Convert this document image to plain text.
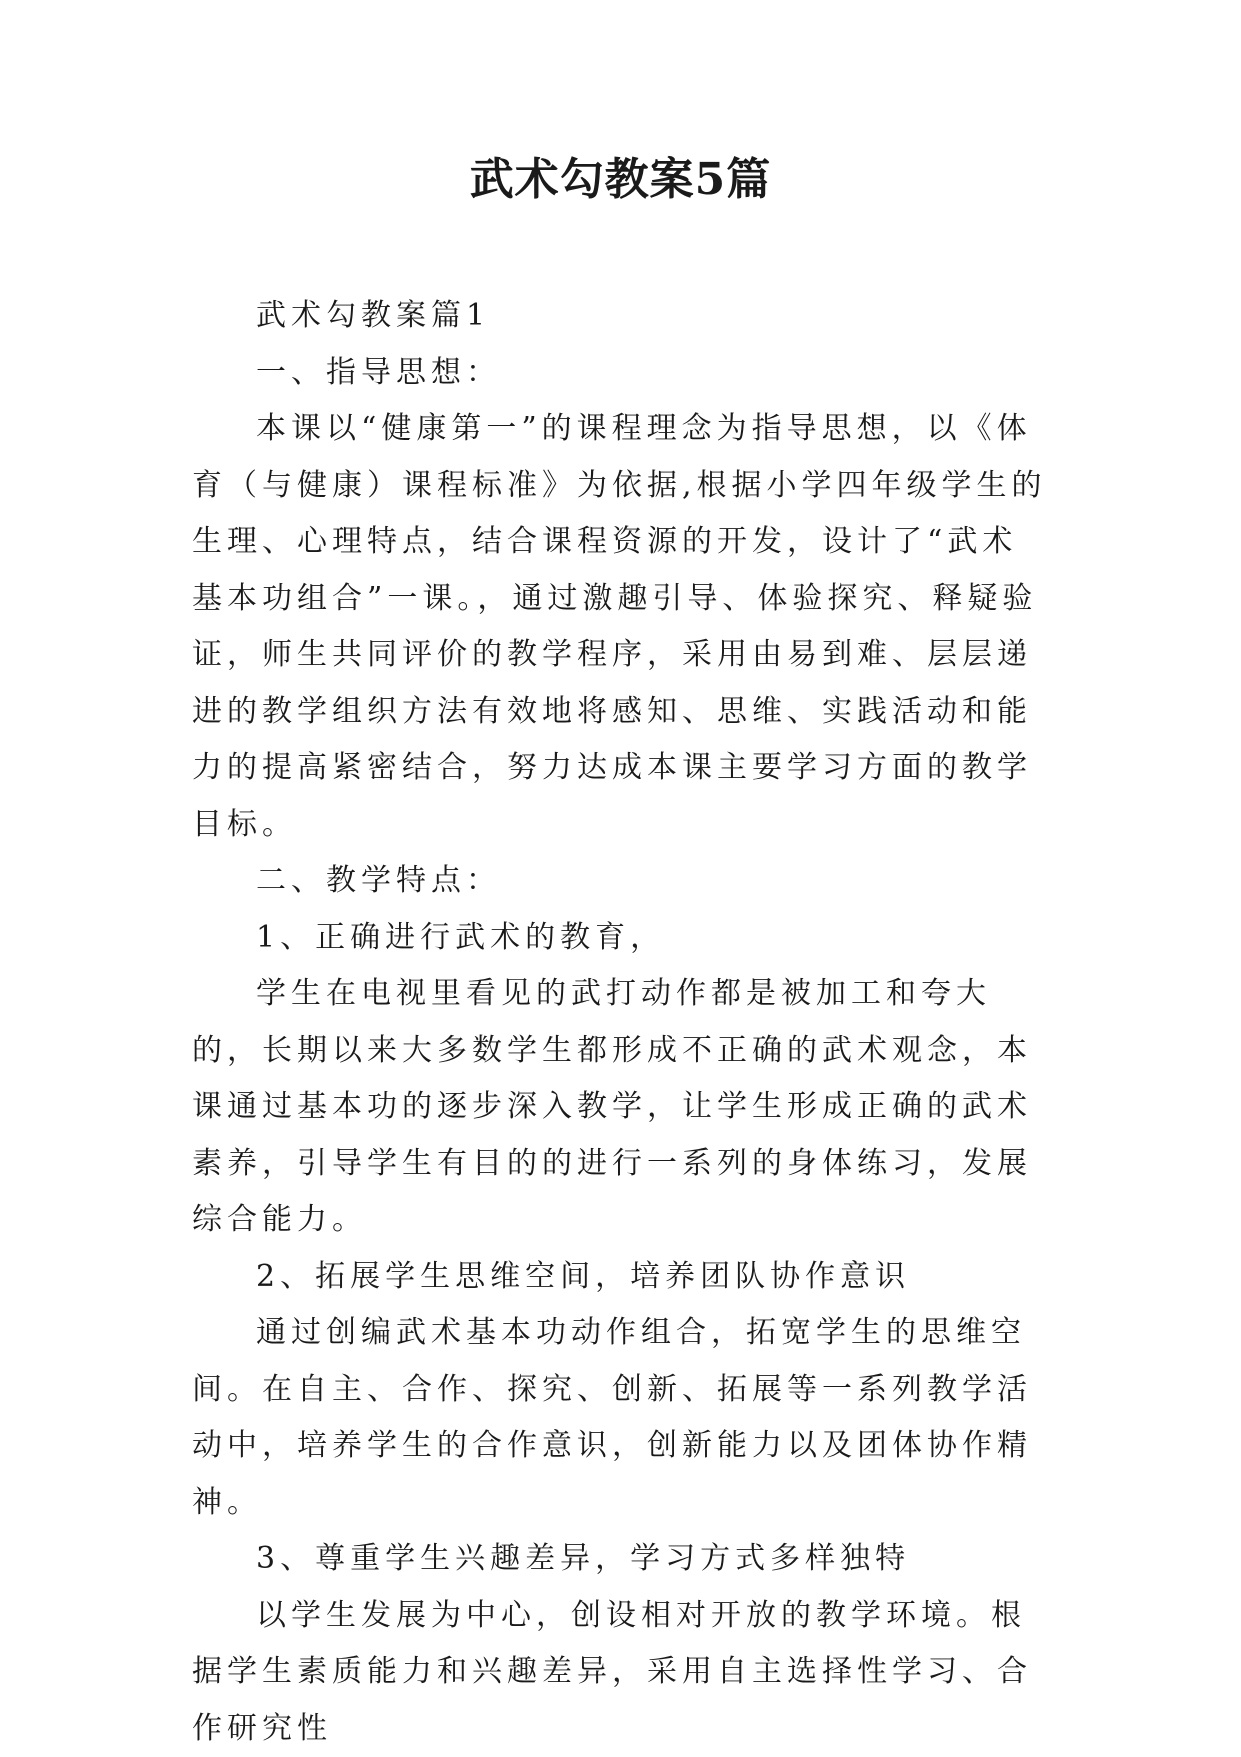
武术勾教案5篇

武术勾教案篇1

一、指导思想：

本课以“健康第一”的课程理念为指导思想，以《体育（与健康）课程标准》为依据,根据小学四年级学生的生理、心理特点，结合课程资源的开发，设计了“武术基本功组合”一课。，通过激趣引导、体验探究、释疑验证，师生共同评价的教学程序，采用由易到难、层层递进的教学组织方法有效地将感知、思维、实践活动和能力的提高紧密结合，努力达成本课主要学习方面的教学目标。

二、教学特点：

1、正确进行武术的教育，

学生在电视里看见的武打动作都是被加工和夸大的，长期以来大多数学生都形成不正确的武术观念，本课通过基本功的逐步深入教学，让学生形成正确的武术素养，引导学生有目的的进行一系列的身体练习，发展综合能力。

2、拓展学生思维空间，培养团队协作意识

通过创编武术基本功动作组合，拓宽学生的思维空间。在自主、合作、探究、创新、拓展等一系列教学活动中，培养学生的合作意识，创新能力以及团体协作精神。

3、尊重学生兴趣差异，学习方式多样独特

以学生发展为中心，创设相对开放的教学环境。根据学生素质能力和兴趣差异，采用自主选择性学习、合作研究性
